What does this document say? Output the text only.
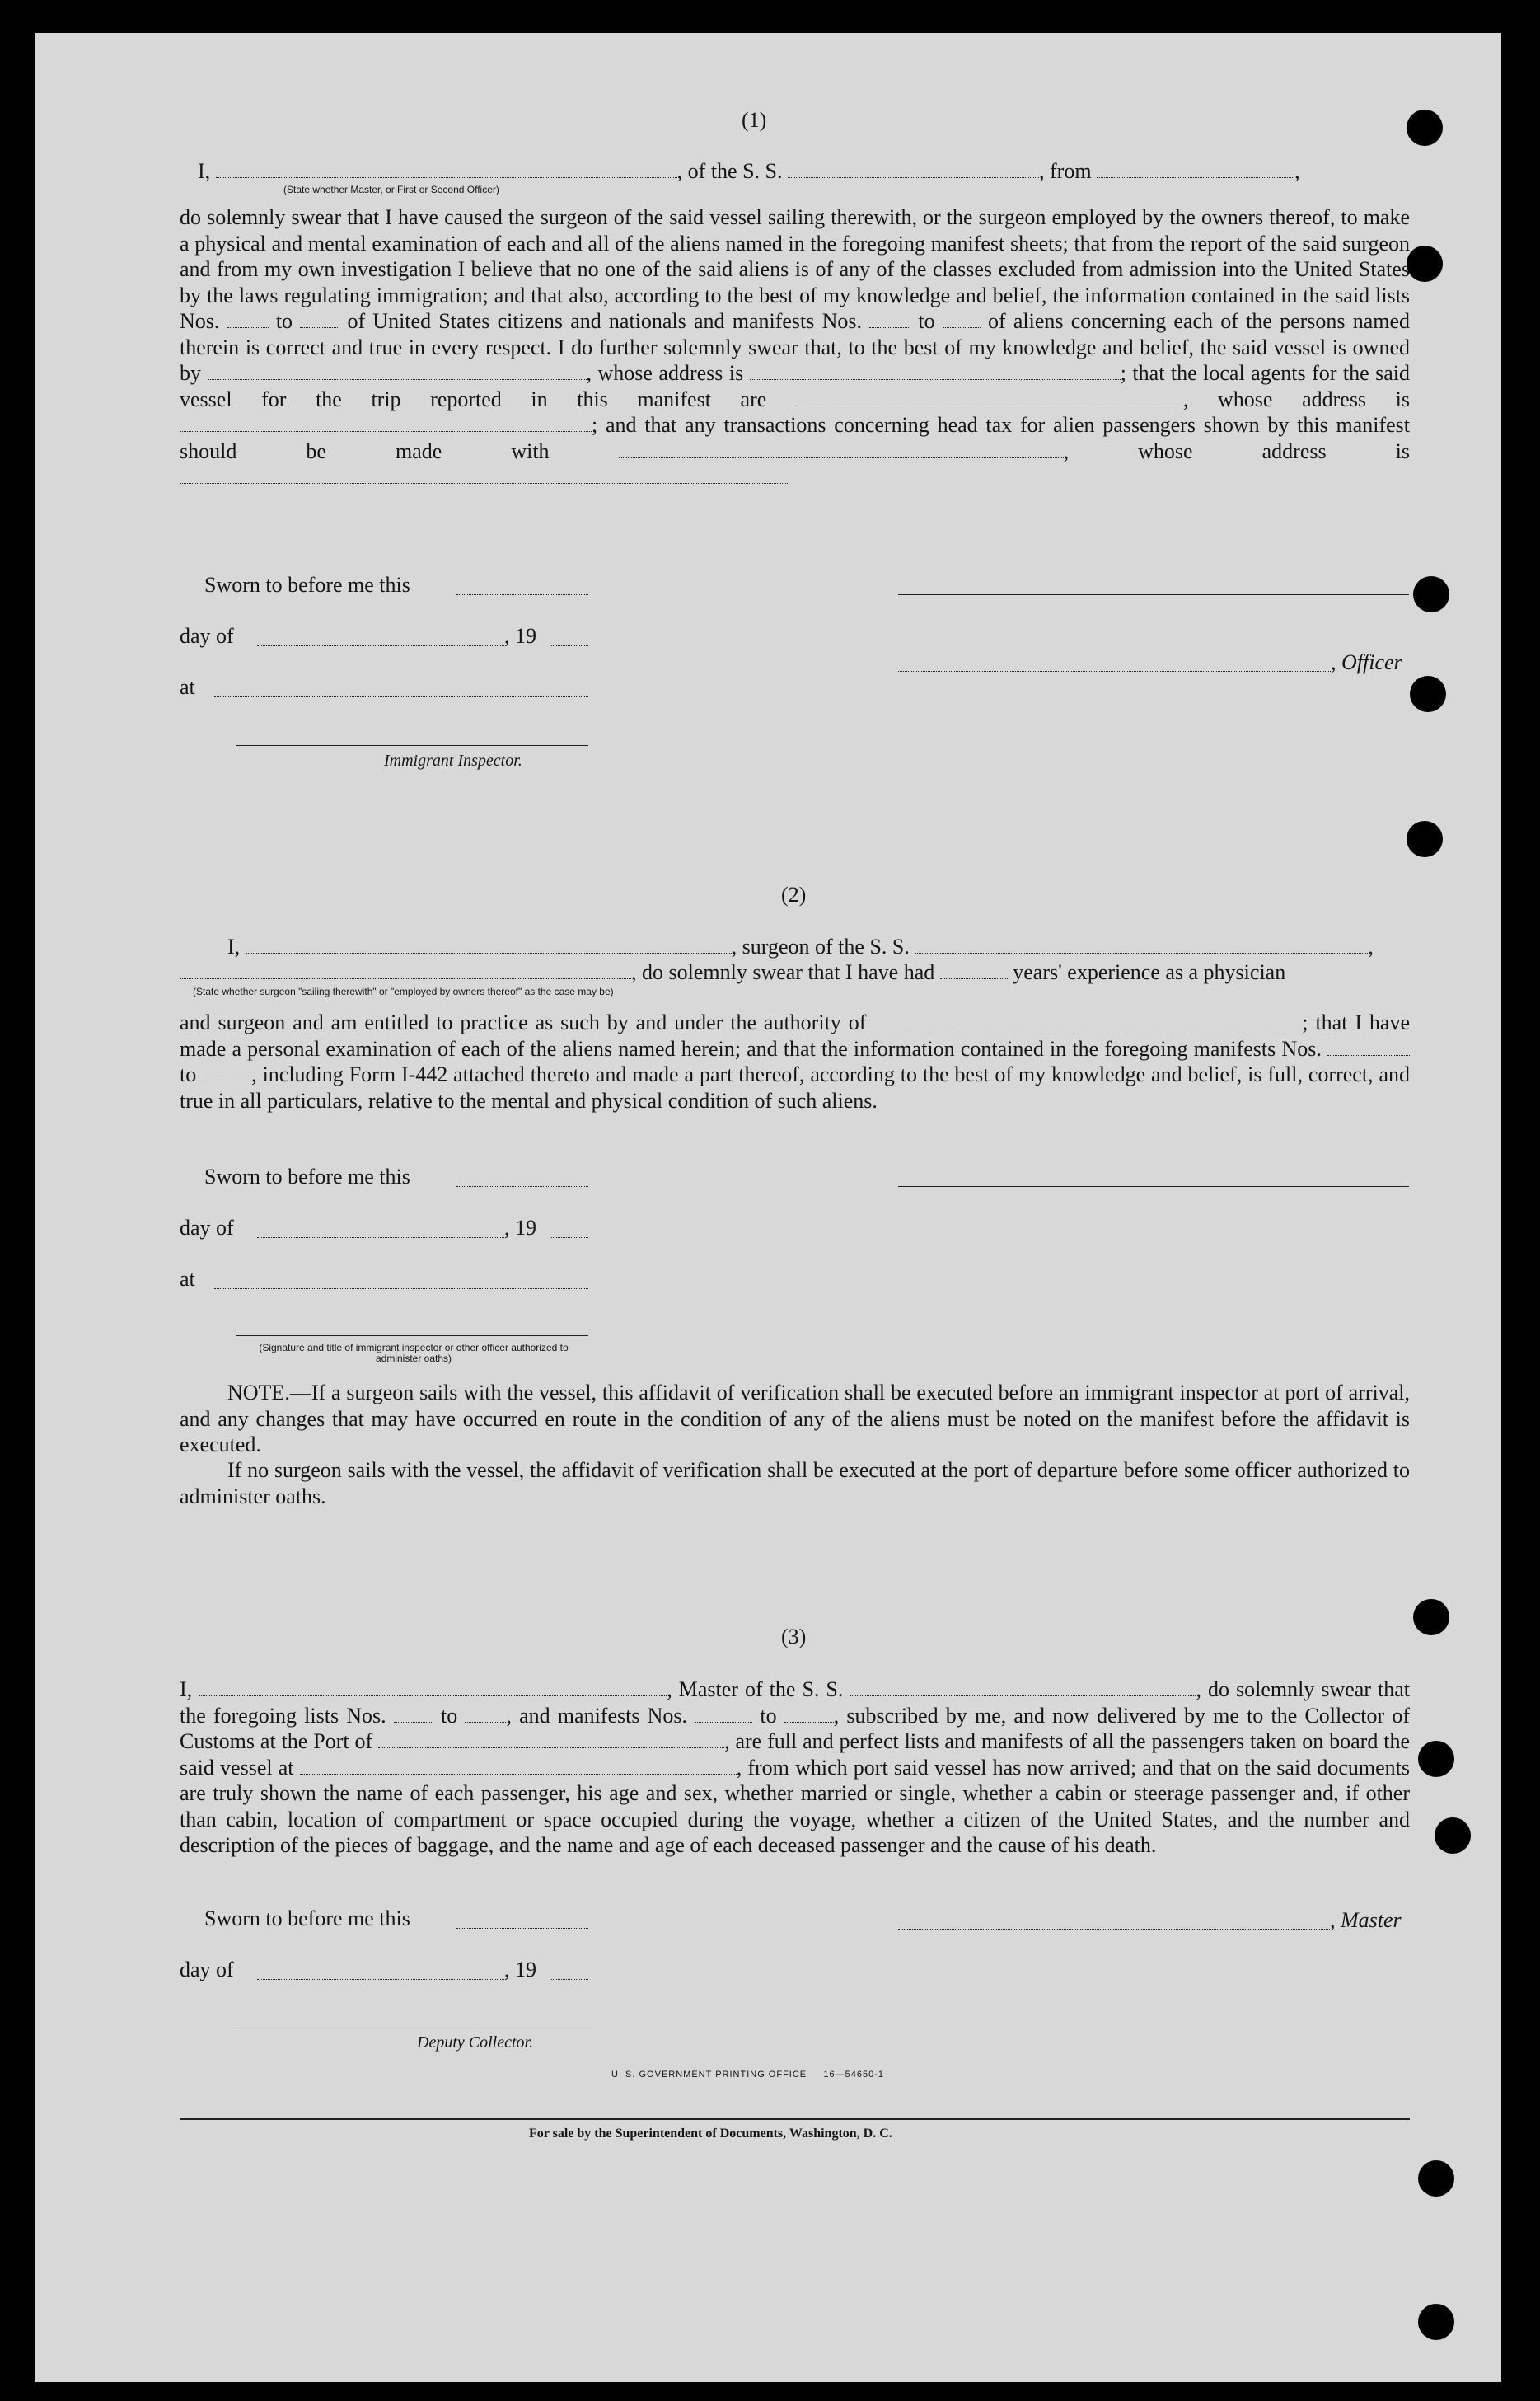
(1)
I,	, of the S. S.	, from	,
(State whether Master, or First or Second Officer)
do solemnly swear that I have caused the surgeon of the said vessel sailing therewith, or the surgeon employed by the owners thereof, to make a physical and mental examination of each and all of the aliens named in the foregoing manifest sheets; that from the report of the said surgeon and from my own investigation I believe that no one of the said aliens is of any of the classes excluded from admission into the United States by the laws regulating immigration; and that also, according to the best of my knowledge and belief, the information contained in the said lists Nos.	to	of United States citizens and nationals and manifests Nos.	to of aliens concerning each of the persons named therein is correct and true in every respect. I do further solemnly swear that, to the best of my knowledge and belief, the said vessel is owned by	, whose address is	; that the local agents for the said vessel for the trip reported in this manifest are	, whose address is ; and that any transactions concerning head tax for alien passengers shown by this manifest should be made with	, whose address is
Sworn to before me this
day of	, 19
, Officer
at
Immigrant Inspector.
(2)
I,	, surgeon of the S. S.	,
, do solemnly swear that I have had	years' experience as a physician
(State whether surgeon "sailing therewith" or "employed by owners thereof" as the case may be)
and surgeon and am entitled to practice as such by and under the authority of	; that I have made a personal examination of each of the aliens named herein; and that the information contained in the foregoing manifests Nos.  to	, including Form I-442 attached thereto and made a part thereof, according to the best of my knowledge and belief, is full, correct, and true in all particulars, relative to the mental and physical condition of such aliens.
Sworn to before me this
day of	, 19
at
(Signature and title of immigrant inspector or other officer authorized to administer oaths)
NOTE.—If a surgeon sails with the vessel, this affidavit of verification shall be executed before an immigrant inspector at port of arrival, and any changes that may have occurred en route in the condition of any of the aliens must be noted on the manifest before the affidavit is executed.
If no surgeon sails with the vessel, the affidavit of verification shall be executed at the port of departure before some officer authorized to administer oaths.
(3)
I,	, Master of the S. S.	, do solemnly swear that the foregoing lists Nos.	to , and manifests Nos.	to	, subscribed by me, and now delivered by me to the Collector of Customs at the Port of	, are full and perfect lists and manifests of all the passengers taken on board the said vessel at	, from which port said vessel has now arrived; and that on the said documents are truly shown the name of each passenger, his age and sex, whether married or single, whether a cabin or steerage passenger and, if other than cabin, location of compartment or space occupied during the voyage, whether a citizen of the United States, and the number and description of the pieces of baggage, and the name and age of each deceased passenger and the cause of his death.
Sworn to before me this	, Master
day of	, 19
Deputy Collector.
U. S. GOVERNMENT PRINTING OFFICE     16—54650-1
For sale by the Superintendent of Documents, Washington, D. C.
